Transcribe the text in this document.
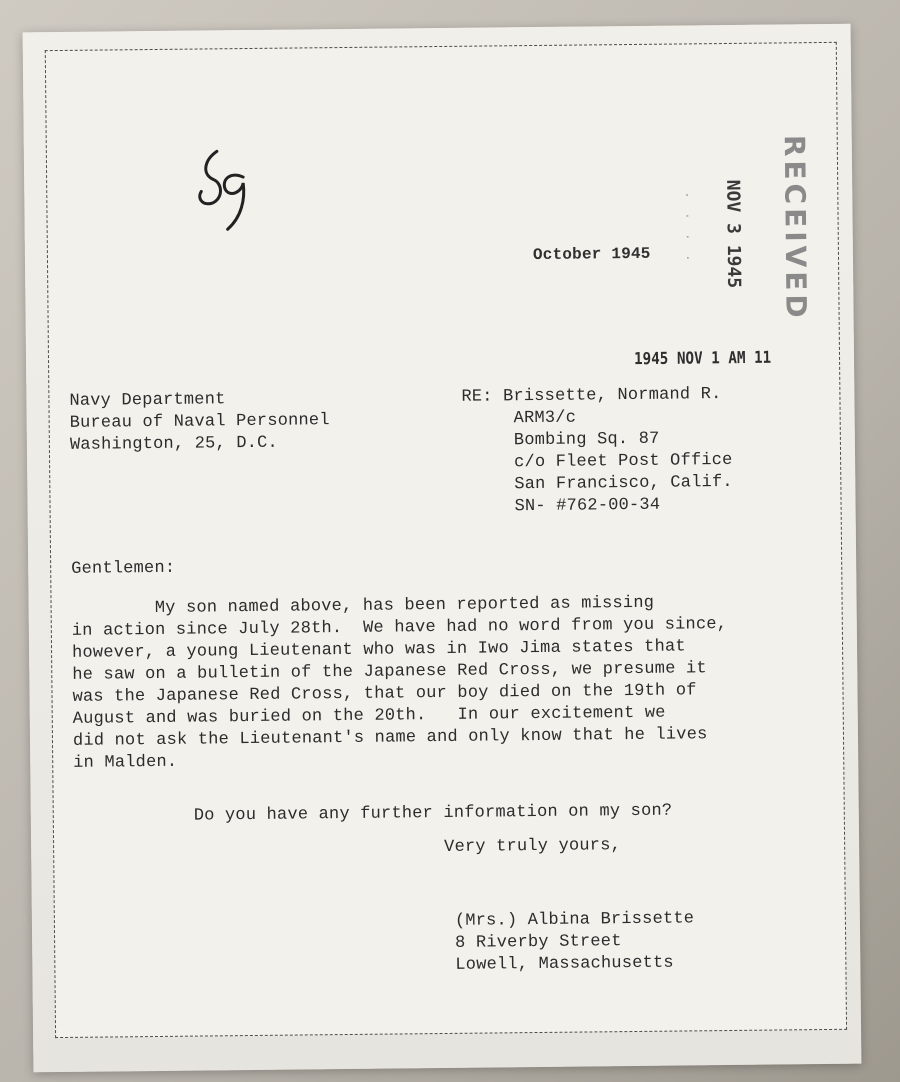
October 1945	RECEIVED
NOV 3 1945
· · · ·
1945 NOV 1 AM 11
Navy Department
Bureau of Naval Personnel
Washington, 25, D.C.
RE: Brissette, Normand R.
ARM3/c
Bombing Sq. 87
c/o Fleet Post Office
San Francisco, Calif.
SN- #762-00-34
Gentlemen:
My son named above, has been reported as missing
in action since July 28th.  We have had no word from you since,
however, a young Lieutenant who was in Iwo Jima states that
he saw on a bulletin of the Japanese Red Cross, we presume it
was the Japanese Red Cross, that our boy died on the 19th of
August and was buried on the 20th.   In our excitement we
did not ask the Lieutenant's name and only know that he lives
in Malden.
Do you have any further information on my son?
Very truly yours,
(Mrs.) Albina Brissette
8 Riverby Street
Lowell, Massachusetts
